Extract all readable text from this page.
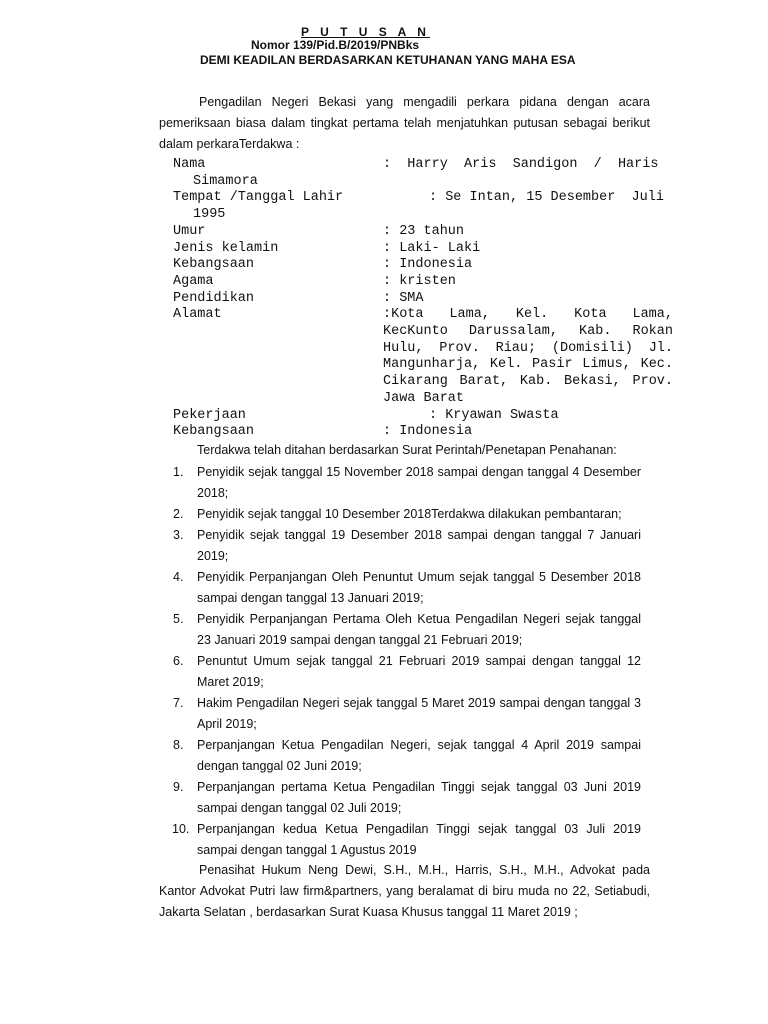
P U T U S A N
Nomor 139/Pid.B/2019/PNBks
DEMI KEADILAN BERDASARKAN KETUHANAN YANG MAHA ESA
Pengadilan Negeri Bekasi yang mengadili perkara pidana dengan acara pemeriksaan biasa dalam tingkat pertama telah menjatuhkan putusan sebagai berikut dalam perkaraTerdakwa :
Nama	:  Harry  Aris  Sandigon  /  Haris
Simamora
Tempat /Tanggal Lahir	: Se Intan, 15 Desember  Juli
1995
Umur	: 23 tahun
Jenis kelamin	: Laki- Laki
Kebangsaan	: Indonesia
Agama	: kristen
Pendidikan	: SMA
Alamat	:Kota Lama, Kel. Kota Lama, KecKunto Darussalam, Kab. Rokan Hulu, Prov. Riau; (Domisili) Jl. Mangunharja, Kel. Pasir Limus, Kec. Cikarang Barat, Kab. Bekasi, Prov. Jawa Barat
Pekerjaan	: Kryawan Swasta
Kebangsaan	: Indonesia
Terdakwa telah ditahan berdasarkan Surat Perintah/Penetapan Penahanan:
1.	Penyidik sejak tanggal 15 November 2018 sampai dengan tanggal 4 Desember 2018;
2.	Penyidik sejak tanggal 10 Desember 2018Terdakwa dilakukan pembantaran;
3.	Penyidik sejak tanggal 19 Desember 2018 sampai dengan tanggal 7 Januari 2019;
4.	Penyidik Perpanjangan Oleh Penuntut Umum sejak tanggal 5 Desember 2018 sampai dengan tanggal 13 Januari 2019;
5.	Penyidik Perpanjangan Pertama Oleh Ketua Pengadilan Negeri sejak tanggal 23 Januari 2019 sampai dengan tanggal 21 Februari 2019;
6.	Penuntut Umum sejak tanggal 21 Februari 2019 sampai dengan tanggal 12 Maret 2019;
7.	Hakim Pengadilan Negeri sejak tanggal 5 Maret 2019 sampai dengan tanggal 3 April 2019;
8.	Perpanjangan Ketua Pengadilan Negeri, sejak tanggal 4 April 2019 sampai dengan tanggal 02 Juni 2019;
9.	Perpanjangan pertama Ketua Pengadilan Tinggi sejak tanggal 03 Juni 2019 sampai dengan tanggal 02 Juli 2019;
10. Perpanjangan kedua Ketua Pengadilan Tinggi sejak tanggal 03 Juli 2019 sampai dengan tanggal 1 Agustus 2019
Penasihat Hukum Neng Dewi, S.H., M.H., Harris, S.H., M.H., Advokat pada Kantor Advokat Putri law firm&partners, yang beralamat di biru muda no 22, Setiabudi, Jakarta Selatan , berdasarkan Surat Kuasa Khusus tanggal 11 Maret 2019 ;
